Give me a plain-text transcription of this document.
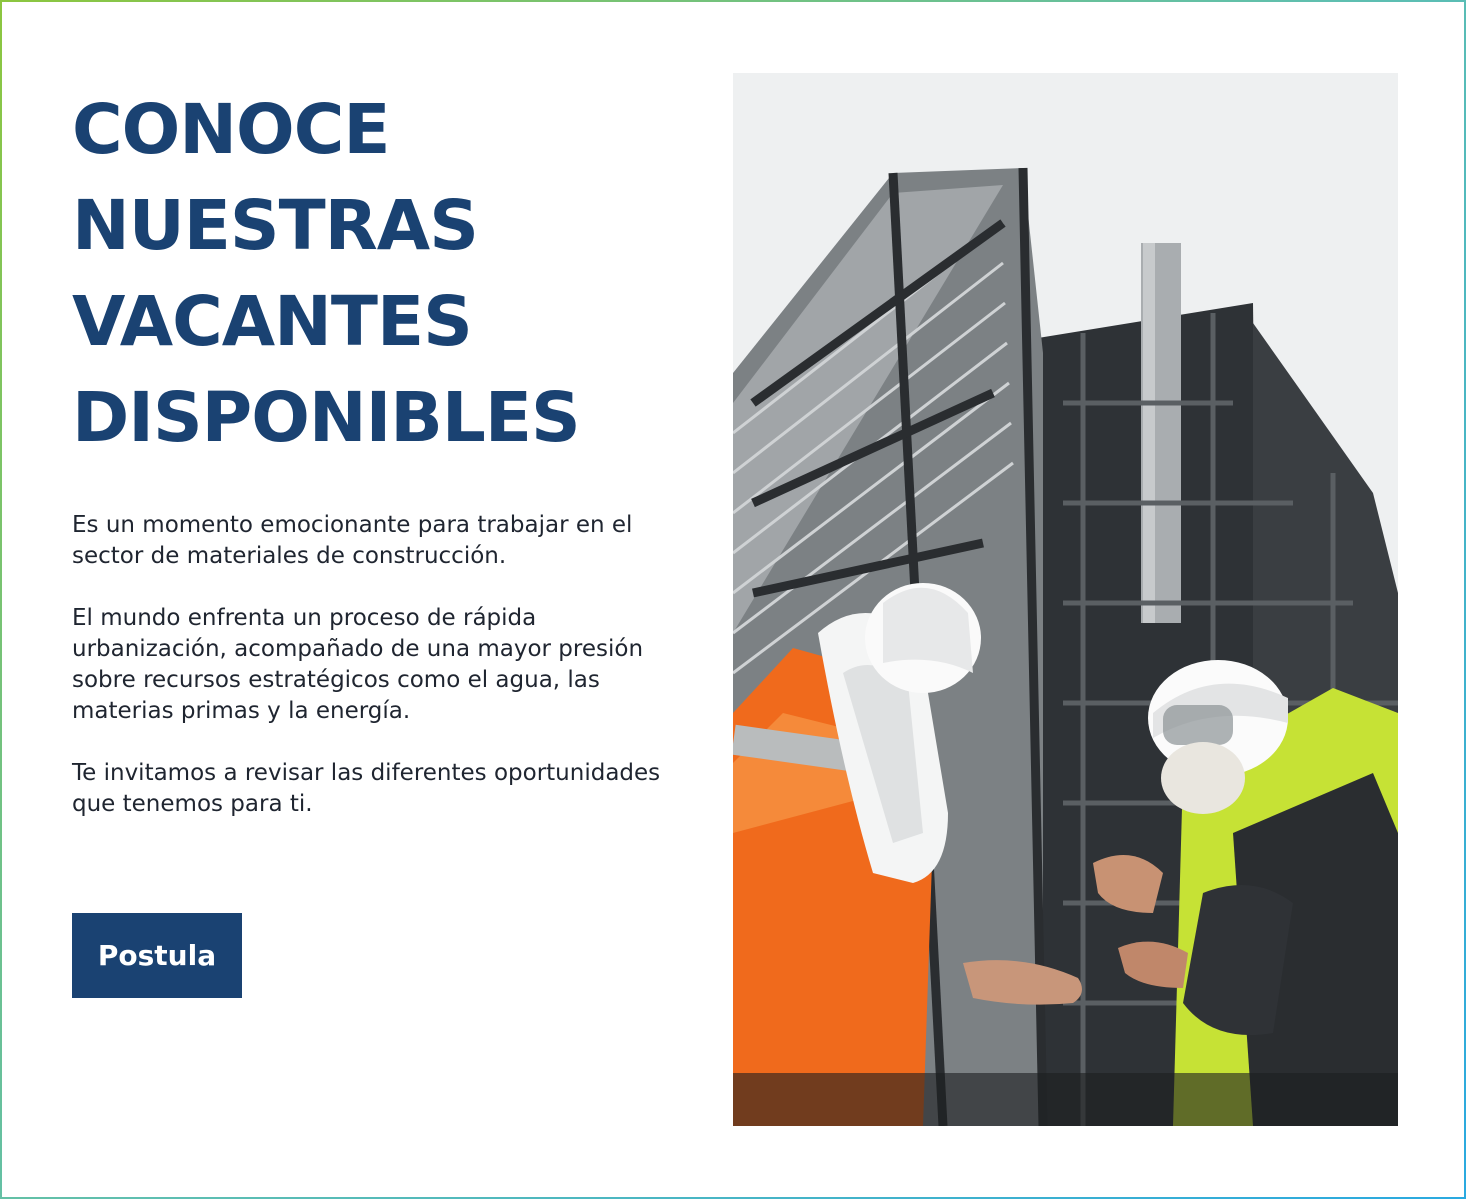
CONOCE
NUESTRAS
VACANTES
DISPONIBLES

Es un momento emocionante para trabajar en el sector de materiales de construcción.

El mundo enfrenta un proceso de rápida urbanización, acompañado de una mayor presión sobre recursos estratégicos como el agua, las materias primas y la energía.

Te invitamos a revisar las diferentes oportunidades que tenemos para ti.

Postula
